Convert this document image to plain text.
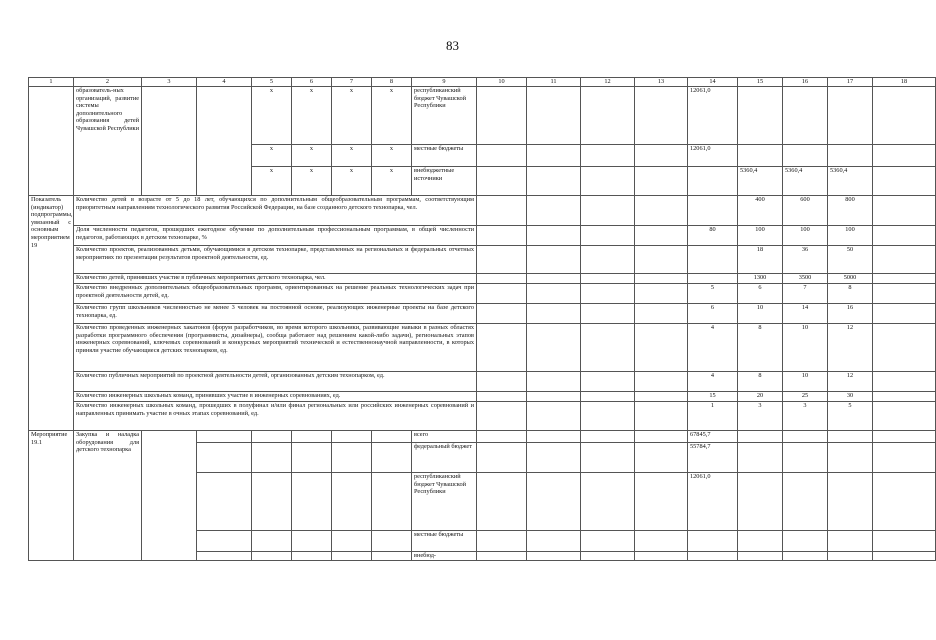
83
1	2	3	4	5	6	7	8	9	10	11	12	13	14	15	16	17	18
	образователь-ных организаций, развитие системы дополнительного образования детей Чувашской Республики			x	x	x	x	республиканский бюджет Чувашской Республики					12061,0				
				x	x	x	x	местные бюджеты					12061,0				
				x	x	x	x	внебюджетные источники						5360,4	5360,4	5360,4	
Показатель (индикатор) подпрограммы, увязанный с основным мероприятием 19	Количество детей в возрасте от 5 до 18 лет, обучающихся по дополнительным общеобразовательным программам, соответствующим приоритетным направлениям технологического развития Российской Федерации, на базе созданного детского технопарка, чел.													400	600	800	
	Доля численности педагогов, прошедших ежегодное обучение по дополнительным профессиональным программам, в общей численности педагогов, работающих в детском технопарке, %												80	100	100	100	
	Количество проектов, реализованных детьми, обучающимися в детском технопарке, представленных на региональных и федеральных отчетных мероприятиях по презентации результатов проектной деятельности, ед.													18	36	50	
	Количество детей, принявших участие в публичных мероприятиях детского технопарка, чел.													1300	3500	5000	
	Количество внедренных дополнительных общеобразовательных программ, ориентированных на решение реальных технологических задач при проектной деятельности детей, ед.												5	6	7	8	
	Количество групп школьников численностью не менее 3 человек на постоянной основе, реализующих инженерные проекты на базе детского технопарка, ед.												6	10	14	16	
	Количество проведенных инженерных хакатонов (форум разработчиков, во время которого школьники, развивающие навыки в разных областях разработки программного обеспечения (программисты, дизайнеры), сообща работают над решением какой-либо задачи), региональных этапов инженерных соревнований, ключевых соревнований и конкурсных мероприятий технической и естественнонаучной направленности, в которых приняли участие обучающиеся детских технопарков, ед.												4	8	10	12	
	Количество публичных мероприятий по проектной деятельности детей, организованных детским технопарком, ед.												4	8	10	12	
	Количество инженерных школьных команд, принявших участие в инженерных соревнованиях, ед.												15	20	25	30	
	Количество инженерных школьных команд, прошедших в полуфинал и/или финал региональных или российских инженерных соревнований и направленных принимать участие в очных этапах соревнований, ед.												1	3	3	5	
Мероприятие 19.1	Закупка и наладка оборудования для детского технопарка							всего					67845,7				
								федеральный бюджет					55784,7				
								республиканский бюджет Чувашской Республики					12061,0				
								местные бюджеты									
								внебюд-									
